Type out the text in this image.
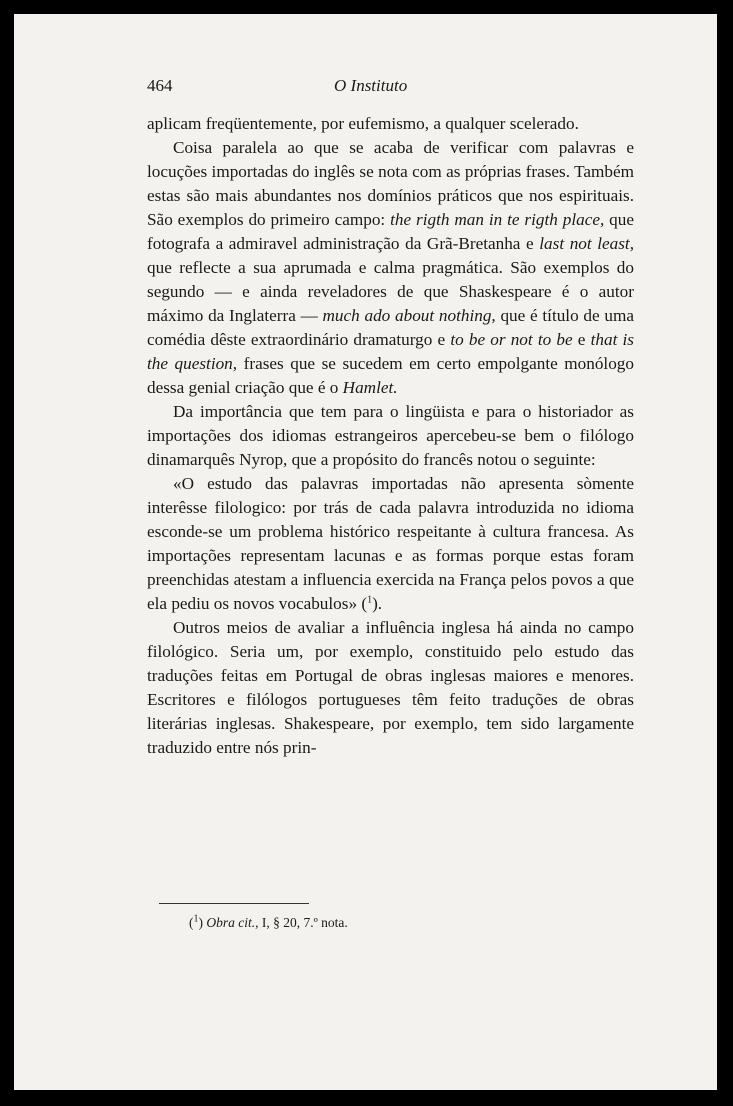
464	O Instituto

aplicam freqüentemente, por eufemismo, a qualquer scelerado.

Coisa paralela ao que se acaba de verificar com palavras e locuções importadas do inglês se nota com as próprias frases. Também estas são mais abundantes nos domínios práticos que nos espirituais. São exemplos do primeiro campo: the rigth man in te rigth place, que fotografa a admiravel administração da Grã-Bretanha e last not least, que reflecte a sua aprumada e calma pragmática. São exemplos do segundo — e ainda reveladores de que Shaskespeare é o autor máximo da Inglaterra — much ado about nothing, que é título de uma comédia dêste extraordinário dramaturgo e to be or not to be e that is the question, frases que se sucedem em certo empolgante monólogo dessa genial criação que é o Hamlet.

Da importância que tem para o lingüista e para o historiador as importações dos idiomas estrangeiros apercebeu-se bem o filólogo dinamarquês Nyrop, que a propósito do francês notou o seguinte:

«O estudo das palavras importadas não apresenta sòmente interêsse filologico: por trás de cada palavra introduzida no idioma esconde-se um problema histórico respeitante à cultura francesa. As importações representam lacunas e as formas porque estas foram preenchidas atestam a influencia exercida na França pelos povos a que ela pediu os novos vocabulos» ($^1$).

Outros meios de avaliar a influência inglesa há ainda no campo filológico. Seria um, por exemplo, constituido pelo estudo das traduções feitas em Portugal de obras inglesas maiores e menores. Escritores e filólogos portugueses têm feito traduções de obras literárias inglesas. Shakespeare, por exemplo, tem sido largamente traduzido entre nós prin-

($^1$) Obra cit., I, § 20, 7.º nota.
